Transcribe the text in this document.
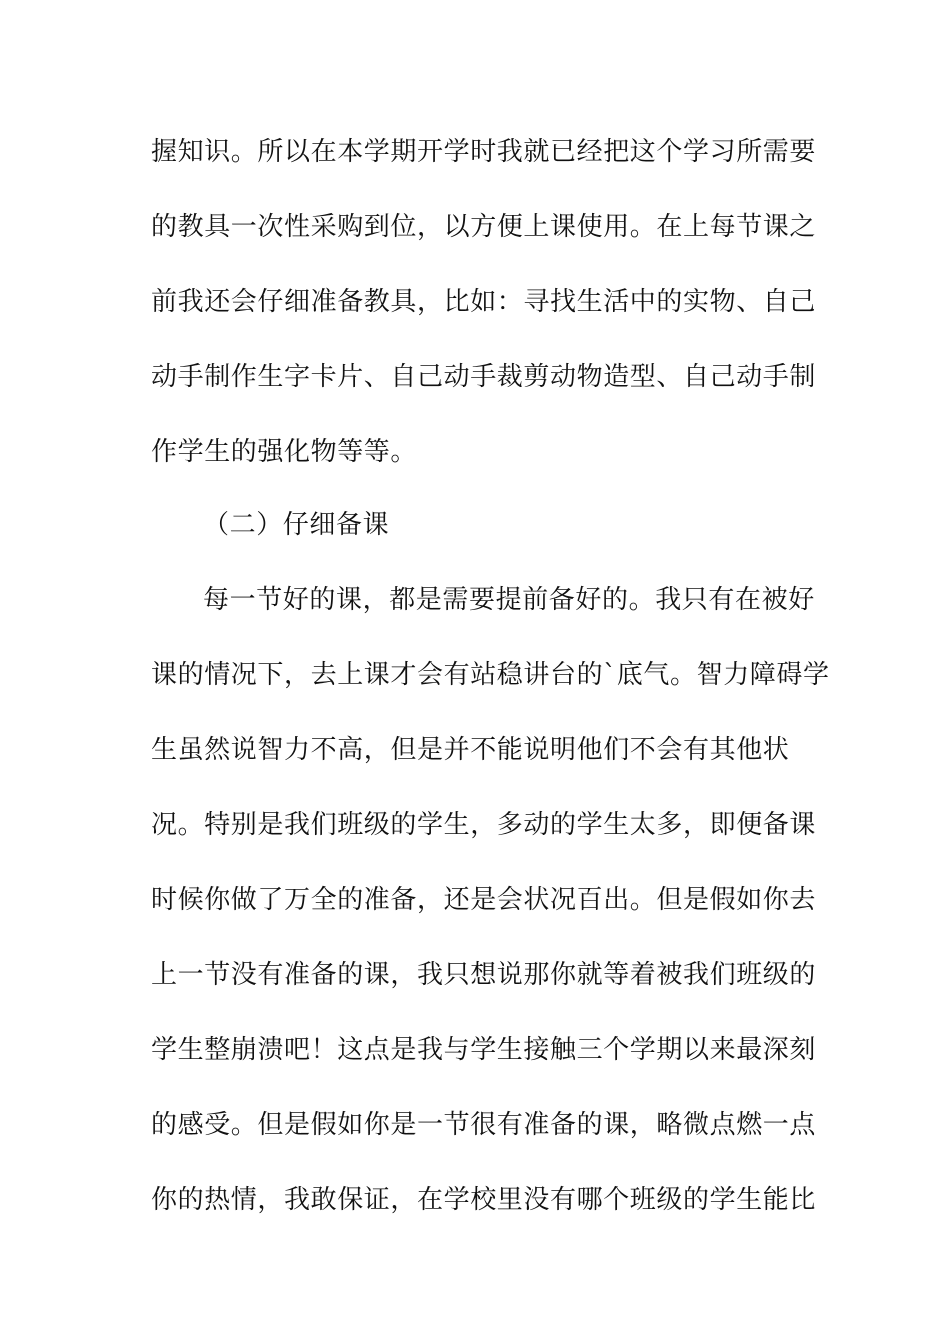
握知识。所以在本学期开学时我就已经把这个学习所需要

的教具一次性采购到位，以方便上课使用。在上每节课之

前我还会仔细准备教具，比如：寻找生活中的实物、自己

动手制作生字卡片、自己动手裁剪动物造型、自己动手制

作学生的强化物等等。

（二）仔细备课

每一节好的课，都是需要提前备好的。我只有在被好

课的情况下，去上课才会有站稳讲台的`底气。智力障碍学

生虽然说智力不高，但是并不能说明他们不会有其他状

况。特别是我们班级的学生，多动的学生太多，即便备课

时候你做了万全的准备，还是会状况百出。但是假如你去

上一节没有准备的课，我只想说那你就等着被我们班级的

学生整崩溃吧！这点是我与学生接触三个学期以来最深刻

的感受。但是假如你是一节很有准备的课，略微点燃一点

你的热情，我敢保证，在学校里没有哪个班级的学生能比
